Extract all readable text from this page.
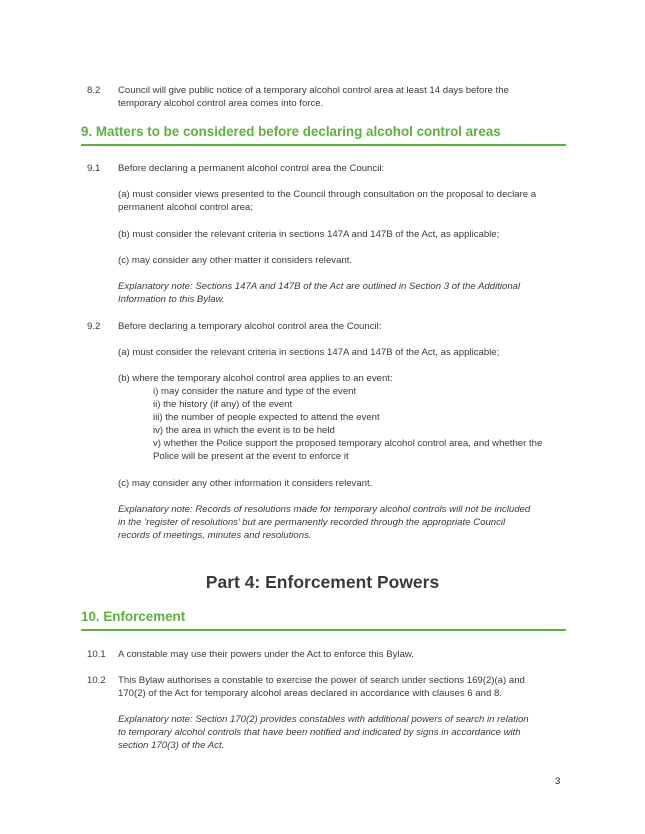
8.2 Council will give public notice of a temporary alcohol control area at least 14 days before the temporary alcohol control area comes into force.
9. Matters to be considered before declaring alcohol control areas
9.1 Before declaring a permanent alcohol control area the Council:
(a) must consider views presented to the Council through consultation on the proposal to declare a permanent alcohol control area;
(b) must consider the relevant criteria in sections 147A and 147B of the Act, as applicable;
(c) may consider any other matter it considers relevant.
Explanatory note: Sections 147A and 147B of the Act are outlined in Section 3 of the Additional Information to this Bylaw.
9.2 Before declaring a temporary alcohol control area the Council:
(a) must consider the relevant criteria in sections 147A and 147B of the Act, as applicable;
(b) where the temporary alcohol control area applies to an event:
i) may consider the nature and type of the event
ii) the history (if any) of the event
iii) the number of people expected to attend the event
iv) the area in which the event is to be held
v) whether the Police support the proposed temporary alcohol control area, and whether the Police will be present at the event to enforce it
(c) may consider any other information it considers relevant.
Explanatory note: Records of resolutions made for temporary alcohol controls will not be included in the ‘register of resolutions’ but are permanently recorded through the appropriate Council records of meetings, minutes and resolutions.
Part 4: Enforcement Powers
10. Enforcement
10.1 A constable may use their powers under the Act to enforce this Bylaw.
10.2 This Bylaw authorises a constable to exercise the power of search under sections 169(2)(a) and 170(2) of the Act for temporary alcohol areas declared in accordance with clauses 6 and 8.
Explanatory note: Section 170(2) provides constables with additional powers of search in relation to temporary alcohol controls that have been notified and indicated by signs in accordance with section 170(3) of the Act.
3
